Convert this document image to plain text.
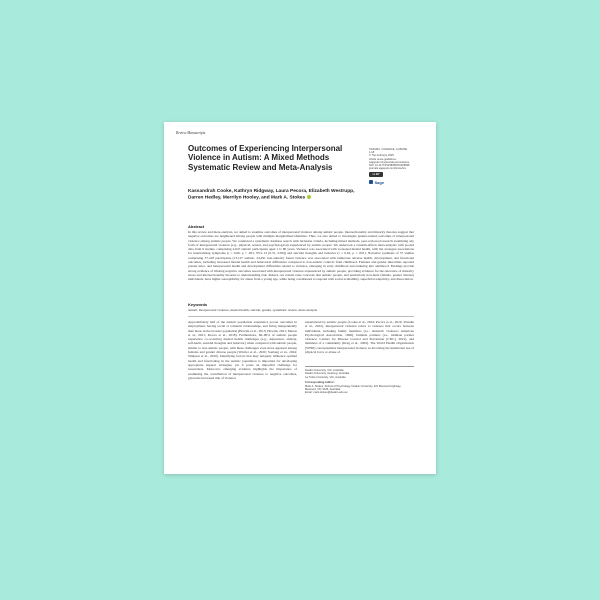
Review Manuscripts
Outcomes of Experiencing Interpersonal Violence in Autism: A Mixed Methods Systematic Review and Meta-Analysis
TRAUMA, VIOLENCE, & ABUSE
1-18
© The Author(s) 2025
Article reuse guidelines:
sagepub.com/journals-permissions
DOI: 10.1177/15248380251325598
journals.sagepub.com/home/tva
cc BY
Sage
Kassandrah Cooke, Kathryn Ridgway, Laura Pecora, Elizabeth Westrupp, Darren Hedley, Merrilyn Hooley, and Mark A. Stokes
Abstract
In this review and meta-analysis, we aimed to examine outcomes of interpersonal violence among autistic people. Intersectionality and minority theories suggest that negative outcomes are heightened among people with multiple marginalized identities. Thus, we also aimed to investigate gender-related outcomes of interpersonal violence among autistic people. We conducted a systematic database search with inclusion criteria, including mixed methods, peer-reviewed research examining any form of interpersonal violence (e.g., physical, sexual, and psychological) experienced by autistic people. We undertook a random-effects meta-analysis with pooled data from 9 studies, comprising 2,647 autistic participants aged 1 to 80 years. Violence was associated with worsened mental health, with the strongest associations for internalizing symptoms (r = 0.66, p < .001, 95% CI [0.51, 0.80]) and suicidal thoughts and behavior (r = 0.62, p < .001). Narrative synthesis of 37 studies comprising 37,418 participants (13,127 autistic, 24,291 non-autistic) found violence was associated with numerous adverse health, development, and functional outcomes, including increased mental health and behavioral difficulties compared to non-autistic controls from childhood. Females and gender minorities reported greater intra- and interpersonal health and development difficulties related to violence, emerging in early childhood and enduring into adulthood. Findings provide strong evidence of lifelong negative outcomes associated with interpersonal violence experienced by autistic people, providing evidence for the relevance of minority stress and intersectionality theories to understanding risk. Indeed, our results raise concerns that autistic people, and particularly non-male (female, gender diverse) individuals, have higher susceptibility for abuse from a young age, while being conditioned to respond with social availability, superficial adaptivity, and dissociation.
Keywords
autism, interpersonal violence, mental health, suicide, gender, systematic review, meta-analysis

Approximately half of the autistic population experience poorer outcomes in employment, having social or romantic relationships, and living independently than those in the broader population (Howlin et al., 2013; Howlin, 2021; Mason et al., 2021; Pecora et al., 2018). Furthermore, 66–90% of autistic people experience co-occurring mental health challenges (e.g., depression, anxiety, self-harm, suicidal thoughts and behavior) when compared with autistic people, similar to non-autistic people, with these challenges even more apparent among females and gender diverse people (Warrier et al., 2020; Sonberg et al., 2024; Simpson et al., 2020). Identifying factors that may uniquely influence optimal health and functioning in the autistic population is important for developing appropriate support strategies, yet it poses an impactful challenge for researchers. Moreover, emerging evidence highlights the importance of examining the contribution of interpersonal violence to negative outcomes, given the increased risk of violence

experienced by autistic people (Cooke et al., 2024; Pecora et al., 2019; Trundle et al., 2022). Interpersonal violence refers to violence that occurs between individuals, including family members (i.e., domestic violence; American Psychological Association, 1996), intimate partners (i.e., intimate partner violence; Centers for Disease Control and Prevention [CDC], 2021), and members of a community (Krug et al., 2002). The World Health Organization (WHO) conceptualizes interpersonal violence as involving the intentional use of physical force or abuse of

Deakin University, VIC, Australia
Deakin University, Geelong, Australia
La Trobe University, VIC, Australia
Corresponding Author:
Mark A. Stokes, School of Psychology, Deakin University, 221 Burwood Highway,
Burwood, VIC 3125, Australia.
Email: mark.stokes@deakin.edu.au
